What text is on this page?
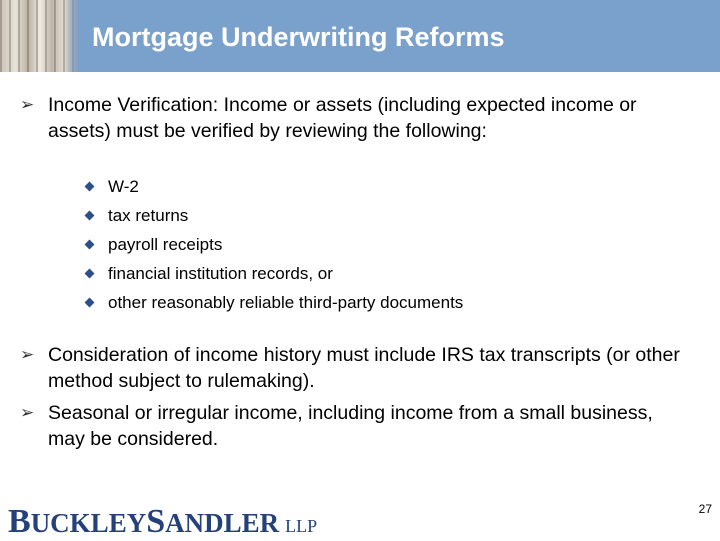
Mortgage Underwriting Reforms
➢ Income Verification: Income or assets (including expected income or assets) must be verified by reviewing the following:
W-2
tax returns
payroll receipts
financial institution records, or
other reasonably reliable third-party documents
➢ Consideration of income history must include IRS tax transcripts (or other method subject to rulemaking).
➢ Seasonal or irregular income, including income from a small business, may be considered.
BUCKLEYSANDLER LLP
27
